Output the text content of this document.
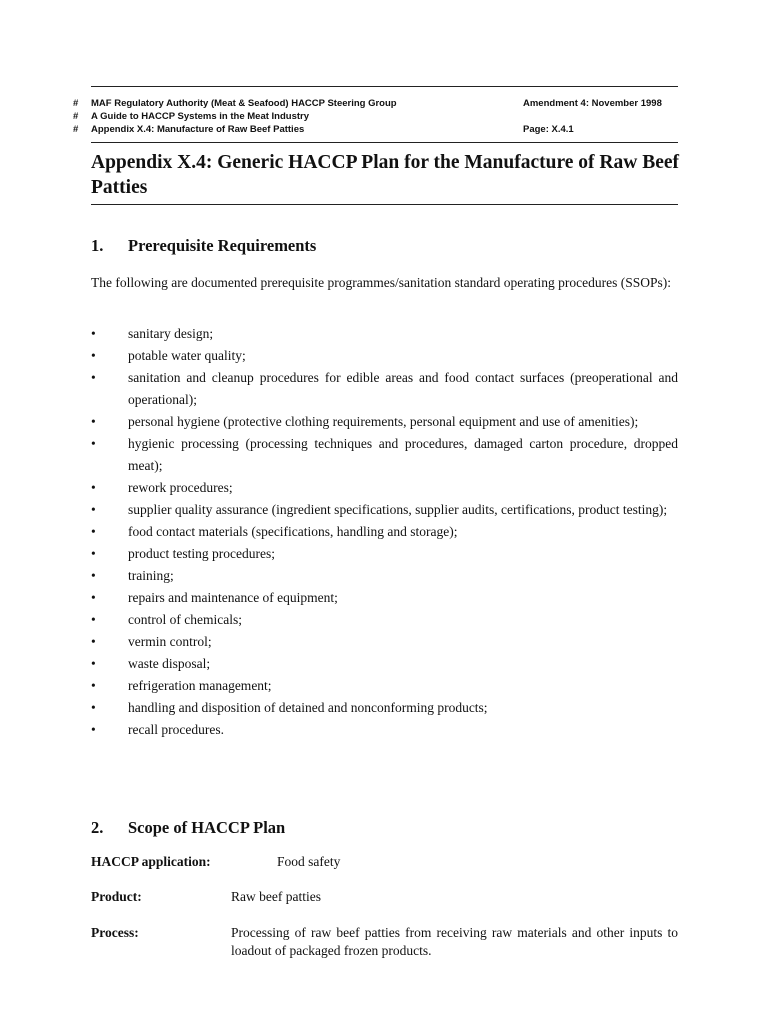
# MAF Regulatory Authority (Meat & Seafood) HACCP Steering Group	Amendment 4: November 1998
# A Guide to HACCP Systems in the Meat Industry
# Appendix X.4: Manufacture of Raw Beef Patties	Page: X.4.1
Appendix X.4: Generic HACCP Plan for the Manufacture of Raw Beef Patties
1. Prerequisite Requirements

The following are documented prerequisite programmes/sanitation standard operating procedures (SSOPs):

• sanitary design;
• potable water quality;
• sanitation and cleanup procedures for edible areas and food contact surfaces (preoperational and operational);
• personal hygiene (protective clothing requirements, personal equipment and use of amenities);
• hygienic processing (processing techniques and procedures, damaged carton procedure, dropped meat);
• rework procedures;
• supplier quality assurance (ingredient specifications, supplier audits, certifications, product testing);
• food contact materials (specifications, handling and storage);
• product testing procedures;
• training;
• repairs and maintenance of equipment;
• control of chemicals;
• vermin control;
• waste disposal;
• refrigeration management;
• handling and disposition of detained and nonconforming products;
• recall procedures.
2. Scope of HACCP Plan
HACCP application:	Food safety
Product:	Raw beef patties
Process:	Processing of raw beef patties from receiving raw materials and other inputs to loadout of packaged frozen products.
